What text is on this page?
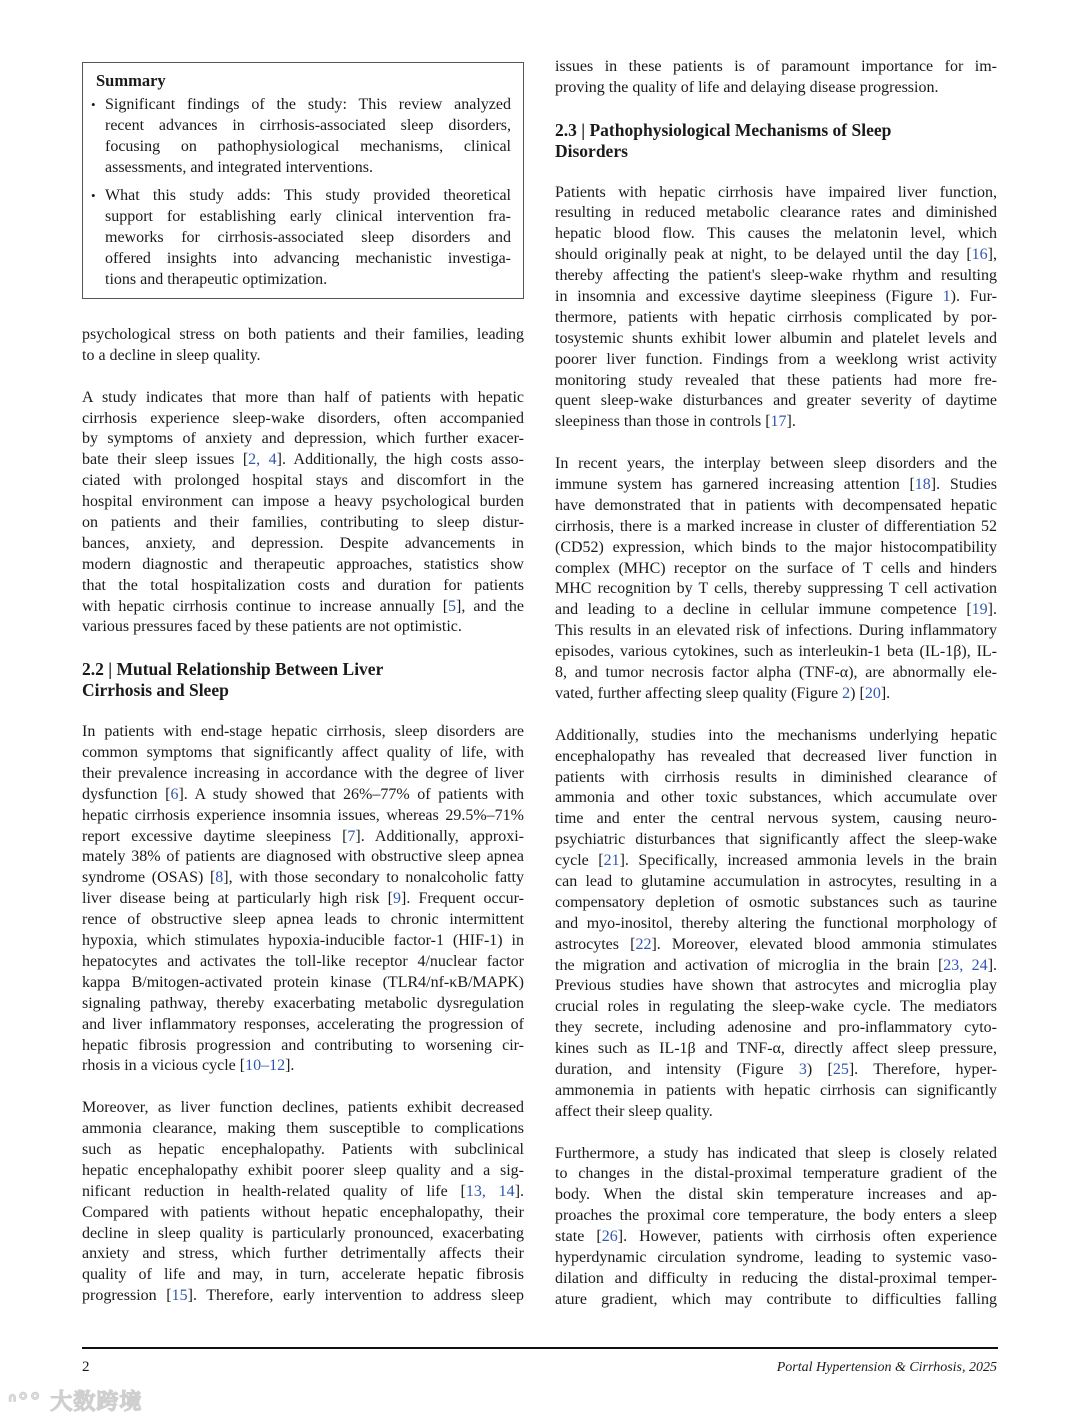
Summary
• Significant findings of the study: This review analyzed
recent advances in cirrhosis-associated sleep disorders,
focusing on pathophysiological mechanisms, clinical
assessments, and integrated interventions.
• What this study adds: This study provided theoretical
support for establishing early clinical intervention fra-
meworks for cirrhosis-associated sleep disorders and
offered insights into advancing mechanistic investiga-
tions and therapeutic optimization.
psychological stress on both patients and their families, leading
to a decline in sleep quality.
A study indicates that more than half of patients with hepatic
cirrhosis experience sleep-wake disorders, often accompanied
by symptoms of anxiety and depression, which further exacer-
bate their sleep issues [2, 4]. Additionally, the high costs asso-
ciated with prolonged hospital stays and discomfort in the
hospital environment can impose a heavy psychological burden
on patients and their families, contributing to sleep distur-
bances, anxiety, and depression. Despite advancements in
modern diagnostic and therapeutic approaches, statistics show
that the total hospitalization costs and duration for patients
with hepatic cirrhosis continue to increase annually [5], and the
various pressures faced by these patients are not optimistic.
2.2 | Mutual Relationship Between Liver
Cirrhosis and Sleep
In patients with end-stage hepatic cirrhosis, sleep disorders are
common symptoms that significantly affect quality of life, with
their prevalence increasing in accordance with the degree of liver
dysfunction [6]. A study showed that 26%–77% of patients with
hepatic cirrhosis experience insomnia issues, whereas 29.5%–71%
report excessive daytime sleepiness [7]. Additionally, approxi-
mately 38% of patients are diagnosed with obstructive sleep apnea
syndrome (OSAS) [8], with those secondary to nonalcoholic fatty
liver disease being at particularly high risk [9]. Frequent occur-
rence of obstructive sleep apnea leads to chronic intermittent
hypoxia, which stimulates hypoxia-inducible factor-1 (HIF-1) in
hepatocytes and activates the toll-like receptor 4/nuclear factor
kappa B/mitogen-activated protein kinase (TLR4/nf-κB/MAPK)
signaling pathway, thereby exacerbating metabolic dysregulation
and liver inflammatory responses, accelerating the progression of
hepatic fibrosis progression and contributing to worsening cir-
rhosis in a vicious cycle [10–12].
Moreover, as liver function declines, patients exhibit decreased
ammonia clearance, making them susceptible to complications
such as hepatic encephalopathy. Patients with subclinical
hepatic encephalopathy exhibit poorer sleep quality and a sig-
nificant reduction in health-related quality of life [13, 14].
Compared with patients without hepatic encephalopathy, their
decline in sleep quality is particularly pronounced, exacerbating
anxiety and stress, which further detrimentally affects their
quality of life and may, in turn, accelerate hepatic fibrosis
progression [15]. Therefore, early intervention to address sleep
issues in these patients is of paramount importance for im-
proving the quality of life and delaying disease progression.
2.3 | Pathophysiological Mechanisms of Sleep
Disorders
Patients with hepatic cirrhosis have impaired liver function,
resulting in reduced metabolic clearance rates and diminished
hepatic blood flow. This causes the melatonin level, which
should originally peak at night, to be delayed until the day [16],
thereby affecting the patient's sleep-wake rhythm and resulting
in insomnia and excessive daytime sleepiness (Figure 1). Fur-
thermore, patients with hepatic cirrhosis complicated by por-
tosystemic shunts exhibit lower albumin and platelet levels and
poorer liver function. Findings from a weeklong wrist activity
monitoring study revealed that these patients had more fre-
quent sleep-wake disturbances and greater severity of daytime
sleepiness than those in controls [17].
In recent years, the interplay between sleep disorders and the
immune system has garnered increasing attention [18]. Studies
have demonstrated that in patients with decompensated hepatic
cirrhosis, there is a marked increase in cluster of differentiation 52
(CD52) expression, which binds to the major histocompatibility
complex (MHC) receptor on the surface of T cells and hinders
MHC recognition by T cells, thereby suppressing T cell activation
and leading to a decline in cellular immune competence [19].
This results in an elevated risk of infections. During inflammatory
episodes, various cytokines, such as interleukin-1 beta (IL-1β), IL-
8, and tumor necrosis factor alpha (TNF-α), are abnormally ele-
vated, further affecting sleep quality (Figure 2) [20].
Additionally, studies into the mechanisms underlying hepatic
encephalopathy has revealed that decreased liver function in
patients with cirrhosis results in diminished clearance of
ammonia and other toxic substances, which accumulate over
time and enter the central nervous system, causing neuro-
psychiatric disturbances that significantly affect the sleep-wake
cycle [21]. Specifically, increased ammonia levels in the brain
can lead to glutamine accumulation in astrocytes, resulting in a
compensatory depletion of osmotic substances such as taurine
and myo-inositol, thereby altering the functional morphology of
astrocytes [22]. Moreover, elevated blood ammonia stimulates
the migration and activation of microglia in the brain [23, 24].
Previous studies have shown that astrocytes and microglia play
crucial roles in regulating the sleep-wake cycle. The mediators
they secrete, including adenosine and pro-inflammatory cyto-
kines such as IL-1β and TNF-α, directly affect sleep pressure,
duration, and intensity (Figure 3) [25]. Therefore, hyper-
ammonemia in patients with hepatic cirrhosis can significantly
affect their sleep quality.
Furthermore, a study has indicated that sleep is closely related
to changes in the distal-proximal temperature gradient of the
body. When the distal skin temperature increases and ap-
proaches the proximal core temperature, the body enters a sleep
state [26]. However, patients with cirrhosis often experience
hyperdynamic circulation syndrome, leading to systemic vaso-
dilation and difficulty in reducing the distal-proximal temper-
ature gradient, which may contribute to difficulties falling
2	Portal Hypertension & Cirrhosis, 2025
ᐢ°° 大数跨境
